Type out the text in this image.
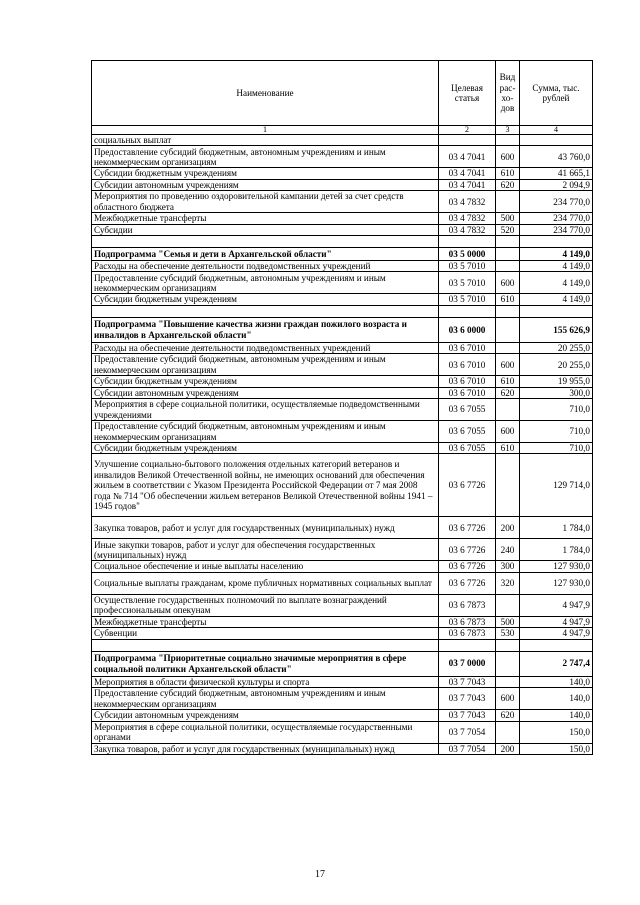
Наименование	Целевая статья	Вид рас-хо-дов	Сумма, тыс. рублей
1	2	3	4
социальных выплат			
Предоставление субсидий бюджетным, автономным учреждениям и иным некоммерческим организациям	03 4 7041	600	43 760,0
Субсидии бюджетным учреждениям	03 4 7041	610	41 665,1
Субсидии автономным учреждениям	03 4 7041	620	2 094,9
Мероприятия по проведению оздоровительной кампании детей за счет средств областного бюджета	03 4 7832		234 770,0
Межбюджетные трансферты	03 4 7832	500	234 770,0
Субсидии	03 4 7832	520	234 770,0

Подпрограмма "Семья и дети в Архангельской области"	03 5 0000		4 149,0
Расходы на обеспечение деятельности подведомственных учреждений	03 5 7010		4 149,0
Предоставление субсидий бюджетным, автономным учреждениям и иным некоммерческим организациям	03 5 7010	600	4 149,0
Субсидии бюджетным учреждениям	03 5 7010	610	4 149,0

Подпрограмма "Повышение качества жизни граждан пожилого возраста и инвалидов в Архангельской области"	03 6 0000		155 626,9
Расходы на обеспечение деятельности подведомственных учреждений	03 6 7010		20 255,0
Предоставление субсидий бюджетным, автономным учреждениям и иным некоммерческим организациям	03 6 7010	600	20 255,0
Субсидии бюджетным учреждениям	03 6 7010	610	19 955,0
Субсидии автономным учреждениям	03 6 7010	620	300,0
Мероприятия в сфере социальной политики, осуществляемые подведомственными учреждениями	03 6 7055		710,0
Предоставление субсидий бюджетным, автономным учреждениям и иным некоммерческим организациям	03 6 7055	600	710,0
Субсидии бюджетным учреждениям	03 6 7055	610	710,0
Улучшение социально-бытового положения отдельных категорий ветеранов и инвалидов Великой Отечественной войны, не имеющих оснований для обеспечения жильем в соответствии с Указом Президента Российской Федерации от 7 мая 2008 года № 714 "Об обеспечении жильем ветеранов Великой Отечественной войны 1941 – 1945 годов"	03 6 7726		129 714,0
Закупка товаров, работ и услуг для государственных (муниципальных) нужд	03 6 7726	200	1 784,0
Иные закупки товаров, работ и услуг для обеспечения государственных (муниципальных) нужд	03 6 7726	240	1 784,0
Социальное обеспечение и иные выплаты населению	03 6 7726	300	127 930,0
Социальные выплаты гражданам, кроме публичных нормативных социальных выплат	03 6 7726	320	127 930,0
Осуществление государственных полномочий по выплате вознаграждений профессиональным опекунам	03 6 7873		4 947,9
Межбюджетные трансферты	03 6 7873	500	4 947,9
Субвенции	03 6 7873	530	4 947,9

Подпрограмма "Приоритетные социально значимые мероприятия в сфере социальной политики Архангельской области"	03 7 0000		2 747,4
Мероприятия в области физической культуры и спорта	03 7 7043		140,0
Предоставление субсидий бюджетным, автономным учреждениям и иным некоммерческим организациям	03 7 7043	600	140,0
Субсидии автономным учреждениям	03 7 7043	620	140,0
Мероприятия в сфере социальной политики, осуществляемые государственными органами	03 7 7054		150,0
Закупка товаров, работ и услуг для государственных (муниципальных) нужд	03 7 7054	200	150,0
17
